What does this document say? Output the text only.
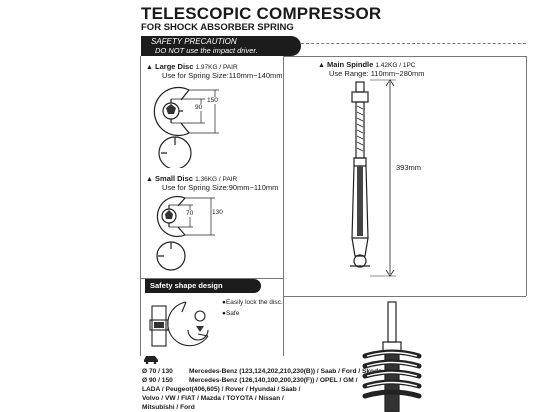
TELESCOPIC COMPRESSOR
FOR SHOCK ABSORBER SPRING
SAFETY PRECAUTION
DO NOT use the impact driver.
▲ Large Disc 1.97KG / PAIR
Use for Spring Size:110mm~140mm
90
150
▲ Small Disc 1.36KG / PAIR
Use for Spring Size:90mm~110mm
70	130
▲ Main Spindle 1.42KG / 1PC
Use Range: 110mm~280mm
393mm
Safety shape design
●Easily lock the disc.
●Safe
Ø 70 / 130
Ø 90 / 150
Mercedes-Benz (123,124,202,210,230(B)) / Saab / Ford / Skoda
Mercedes-Benz (126,140,100,200,230(F)) / OPEL / GM /
LADA / Peugeot(406,605) / Rover / Hyundai / Saab /
Volvo / VW / FIAT / Mazda / TOYOTA / Nissan /
Mitsubishi / Ford
